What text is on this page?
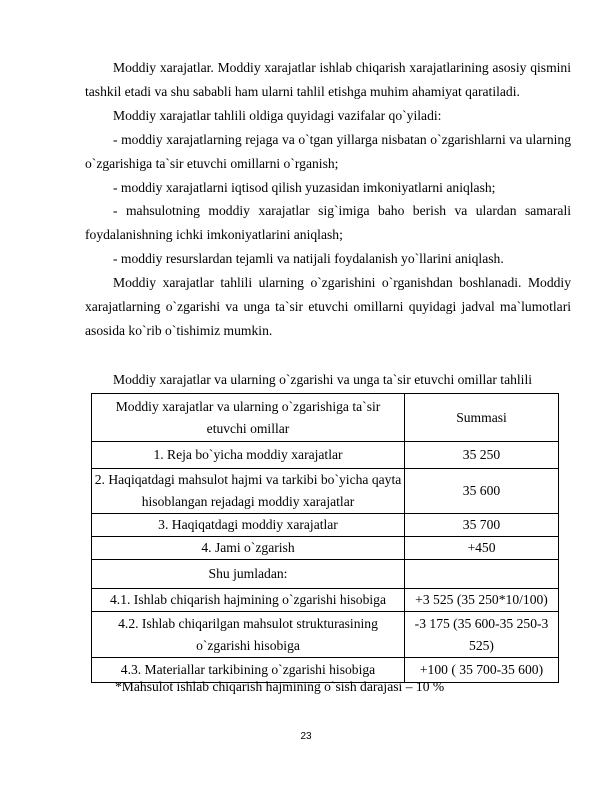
Moddiy xarajatlar. Moddiy xarajatlar ishlab chiqarish xarajatlarining asosiy qismini tashkil etadi va shu sababli ham ularni tahlil etishga muhim ahamiyat qaratiladi.

Moddiy xarajatlar tahlili oldiga quyidagi vazifalar qo`yiladi:

- moddiy xarajatlarning rejaga va o`tgan yillarga nisbatan o`zgarishlarni va ularning o`zgarishiga ta`sir etuvchi omillarni o`rganish;

- moddiy xarajatlarni iqtisod qilish yuzasidan imkoniyatlarni aniqlash;

- mahsulotning moddiy xarajatlar sig`imiga baho berish va ulardan samarali foydalanishning ichki imkoniyatlarini aniqlash;

- moddiy resurslardan tejamli va natijali foydalanish yo`llarini aniqlash.

Moddiy xarajatlar tahlili ularning o`zgarishini o`rganishdan boshlanadi. Moddiy xarajatlarning o`zgarishi va unga ta`sir etuvchi omillarni quyidagi jadval ma`lumotlari asosida ko`rib o`tishimiz mumkin.

Moddiy xarajatlar va ularning o`zgarishi va unga ta`sir etuvchi omillar tahlili
Moddiy xarajatlar va ularning o`zgarishiga ta`sir etuvchi omillar	Summasi
1. Reja bo`yicha moddiy xarajatlar	35 250
2. Haqiqatdagi mahsulot hajmi va tarkibi bo`yicha qayta hisoblangan rejadagi moddiy xarajatlar	35 600
3. Haqiqatdagi moddiy xarajatlar	35 700
4. Jami o`zgarish	+450
Shu jumladan:	
4.1. Ishlab chiqarish hajmining o`zgarishi hisobiga	+3 525 (35 250*10/100)
4.2. Ishlab chiqarilgan mahsulot strukturasining o`zgarishi hisobiga	-3 175 (35 600-35 250-3 525)
4.3. Materiallar tarkibining o`zgarishi hisobiga	+100 ( 35 700-35 600)
*Mahsulot ishlab chiqarish hajmining o`sish darajasi – 10 %
23
